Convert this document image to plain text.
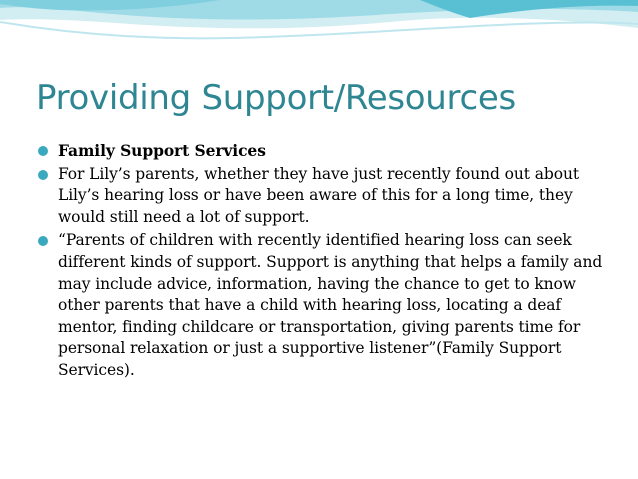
Providing Support/Resources
Family Support Services
For Lily’s parents, whether they have just recently found out about Lily’s hearing loss or have been aware of this for a long time, they would still need a lot of support.
“Parents of children with recently identified hearing loss can seek different kinds of support. Support is anything that helps a family and may include advice, information, having the chance to get to know other parents that have a child with hearing loss, locating a deaf mentor, finding childcare or transportation, giving parents time for personal relaxation or just a supportive listener”(Family Support Services).
